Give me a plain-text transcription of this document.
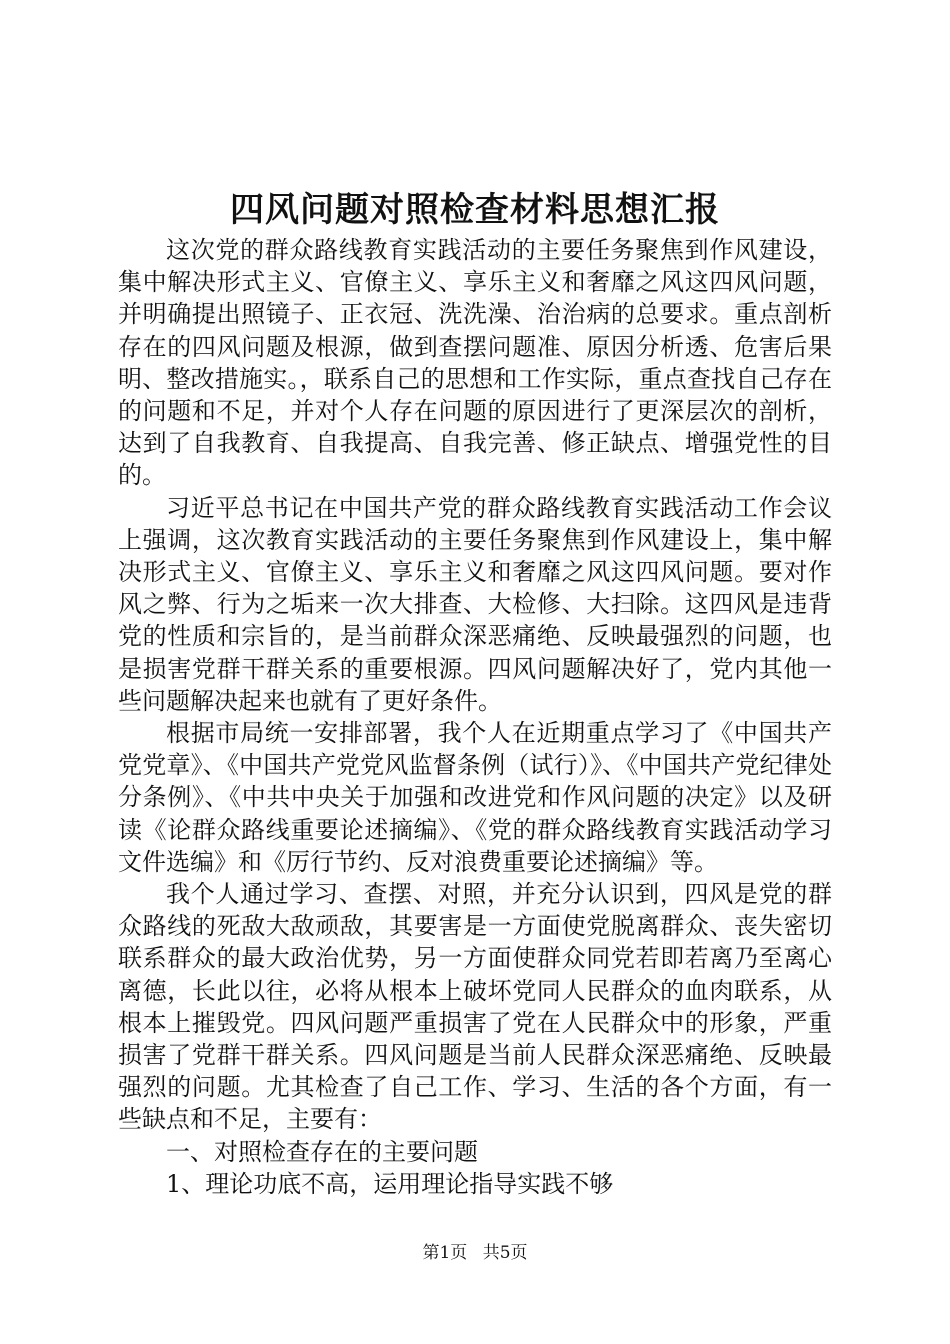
四风问题对照检查材料思想汇报

这次党的群众路线教育实践活动的主要任务聚焦到作风建设，集中解决形式主义、官僚主义、享乐主义和奢靡之风这四风问题，并明确提出照镜子、正衣冠、洗洗澡、治治病的总要求。重点剖析存在的四风问题及根源，做到查摆问题准、原因分析透、危害后果明、整改措施实。，联系自己的思想和工作实际，重点查找自己存在的问题和不足，并对个人存在问题的原因进行了更深层次的剖析，达到了自我教育、自我提高、自我完善、修正缺点、增强党性的目的。

习近平总书记在中国共产党的群众路线教育实践活动工作会议上强调，这次教育实践活动的主要任务聚焦到作风建设上，集中解决形式主义、官僚主义、享乐主义和奢靡之风这四风问题。要对作风之弊、行为之垢来一次大排查、大检修、大扫除。这四风是违背党的性质和宗旨的，是当前群众深恶痛绝、反映最强烈的问题，也是损害党群干群关系的重要根源。四风问题解决好了，党内其他一些问题解决起来也就有了更好条件。

根据市局统一安排部署，我个人在近期重点学习了《中国共产党党章》、《中国共产党党风监督条例（试行）》、《中国共产党纪律处分条例》、《中共中央关于加强和改进党和作风问题的决定》以及研读《论群众路线重要论述摘编》、《党的群众路线教育实践活动学习文件选编》和《厉行节约、反对浪费重要论述摘编》等。

我个人通过学习、查摆、对照，并充分认识到，四风是党的群众路线的死敌大敌顽敌，其要害是一方面使党脱离群众、丧失密切联系群众的最大政治优势，另一方面使群众同党若即若离乃至离心离德，长此以往，必将从根本上破坏党同人民群众的血肉联系，从根本上摧毁党。四风问题严重损害了党在人民群众中的形象，严重损害了党群干群关系。四风问题是当前人民群众深恶痛绝、反映最强烈的问题。尤其检查了自己工作、学习、生活的各个方面，有一些缺点和不足，主要有：

一、对照检查存在的主要问题

1、理论功底不高，运用理论指导实践不够

第1页 共5页
